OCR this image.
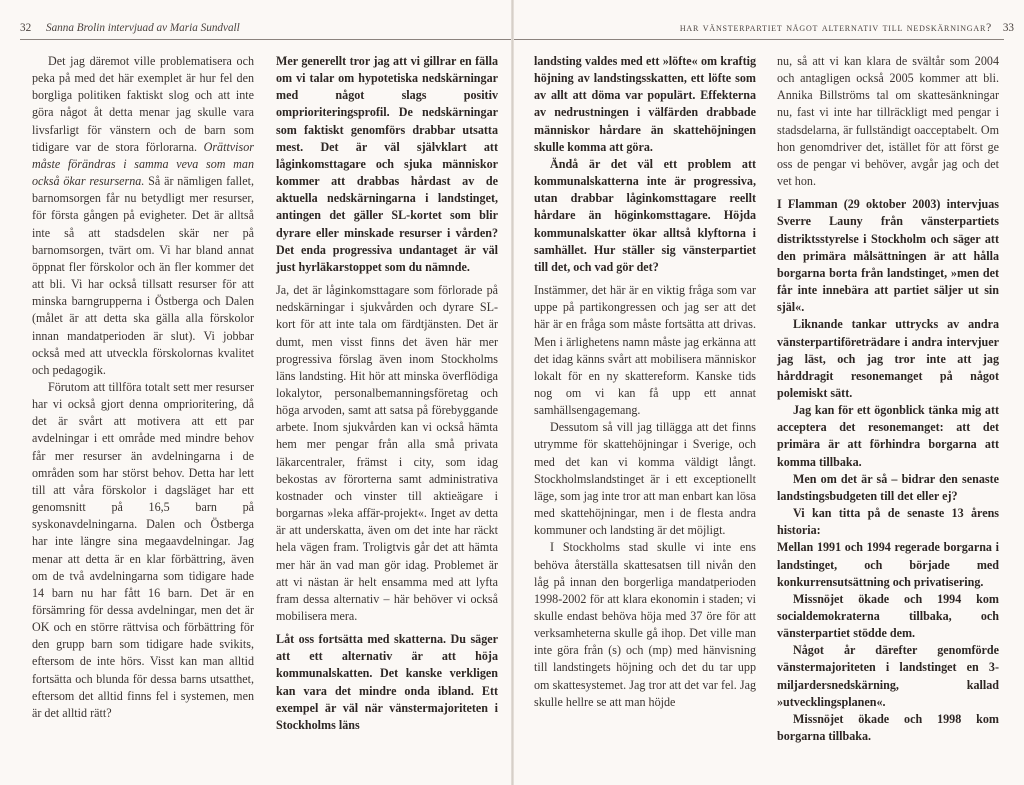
32 Sanna Brolin intervjuad av Maria Sundvall

Det jag däremot ville problematisera och peka på med det här exemplet är hur fel den borgliga politiken faktiskt slog och att inte göra något åt detta menar jag skulle vara livsfarligt för vänstern och de barn som tidigare var de stora förlorarna. Orättvisor måste förändras i samma veva som man också ökar resurserna. Så är nämligen fallet, barnomsorgen får nu betydligt mer resurser, för första gången på evigheter. Det är alltså inte så att stadsdelen skär ner på barnomsorgen, tvärt om. Vi har bland annat öppnat fler förskolor och än fler kommer det att bli. Vi har också tillsatt resurser för att minska barngrupperna i Östberga och Dalen (målet är att detta ska gälla alla förskolor innan mandatperioden är slut). Vi jobbar också med att utveckla förskolornas kvalitet och pedagogik.

Förutom att tillföra totalt sett mer resurser har vi också gjort denna omprioritering, då det är svårt att motivera att ett par avdelningar i ett område med mindre behov får mer resurser än avdelningarna i de områden som har störst behov. Detta har lett till att våra förskolor i dagsläget har ett genomsnitt på 16,5 barn på syskonavdelningarna. Dalen och Östberga har inte längre sina megaavdelningar. Jag menar att detta är en klar förbättring, även om de två avdelningarna som tidigare hade 14 barn nu har fått 16 barn. Det är en försämring för dessa avdelningar, men det är OK och en större rättvisa och förbättring för den grupp barn som tidigare hade svikits, eftersom de inte hörs. Visst kan man alltid fortsätta och blunda för dessa barns utsatthet, eftersom det alltid finns fel i systemen, men är det alltid rätt?

Mer generellt tror jag att vi gillrar en fälla om vi talar om hypotetiska nedskärningar med något slags positiv omprioriteringsprofil. De nedskärningar som faktiskt genomförs drabbar utsatta mest. Det är väl självklart att låginkomsttagare och sjuka människor kommer att drabbas hårdast av de aktuella nedskärningarna i landstinget, antingen det gäller SL-kortet som blir dyrare eller minskade resurser i vården? Det enda progressiva undantaget är väl just hyrläkarstoppet som du nämnde.

Ja, det är låginkomsttagare som förlorade på nedskärningar i sjukvården och dyrare SL-kort för att inte tala om färdtjänsten. Det är dumt, men visst finns det även här mer progressiva förslag även inom Stockholms läns landsting. Hit hör att minska överflödiga lokalytor, personalbemanningsföretag och höga arvoden, samt att satsa på förebyggande arbete. Inom sjukvården kan vi också hämta hem mer pengar från alla små privata läkarcentraler, främst i city, som idag bekostas av förorterna samt administrativa kostnader och vinster till aktieägare i borgarnas »leka affär-projekt«. Inget av detta är att underskatta, även om det inte har räckt hela vägen fram. Troligtvis går det att hämta mer här än vad man gör idag. Problemet är att vi nästan är helt ensamma med att lyfta fram dessa alternativ – här behöver vi också mobilisera mera.

Låt oss fortsätta med skatterna. Du säger att ett alternativ är att höja kommunalskatten. Det kanske verkligen kan vara det mindre onda ibland. Ett exempel är väl när vänstermajoriteten i Stockholms läns

har vänsterpartiet något alternativ till nedskärningar? 33

landsting valdes med ett »löfte« om kraftig höjning av landstingsskatten, ett löfte som av allt att döma var populärt. Effekterna av nedrustningen i välfärden drabbade människor hårdare än skattehöjningen skulle komma att göra.

Ändå är det väl ett problem att kommunalskatterna inte är progressiva, utan drabbar låginkomsttagare reellt hårdare än höginkomsttagare. Höjda kommunalskatter ökar alltså klyftorna i samhället. Hur ställer sig vänsterpartiet till det, och vad gör det?

Instämmer, det här är en viktig fråga som var uppe på partikongressen och jag ser att det här är en fråga som måste fortsätta att drivas. Men i ärlighetens namn måste jag erkänna att det idag känns svårt att mobilisera människor lokalt för en ny skattereform. Kanske tids nog om vi kan få upp ett annat samhällsengagemang.

Dessutom så vill jag tillägga att det finns utrymme för skattehöjningar i Sverige, och med det kan vi komma väldigt långt. Stockholmslandstinget är i ett exceptionellt läge, som jag inte tror att man enbart kan lösa med skattehöjningar, men i de flesta andra kommuner och landsting är det möjligt.

I Stockholms stad skulle vi inte ens behöva återställa skattesatsen till nivån den låg på innan den borgerliga mandatperioden 1998-2002 för att klara ekonomin i staden; vi skulle endast behöva höja med 37 öre för att verksamheterna skulle gå ihop. Det ville man inte göra från (s) och (mp) med hänvisning till landstingets höjning och det du tar upp om skattesystemet. Jag tror att det var fel. Jag skulle hellre se att man höjde

nu, så att vi kan klara de svältår som 2004 och antagligen också 2005 kommer att bli. Annika Billströms tal om skattesänkningar nu, fast vi inte har tillräckligt med pengar i stadsdelarna, är fullständigt oacceptabelt. Om hon genomdriver det, istället för att först ge oss de pengar vi behöver, avgår jag och det vet hon.

I Flamman (29 oktober 2003) intervjuas Sverre Launy från vänsterpartiets distriktsstyrelse i Stockholm och säger att den primära målsättningen är att hålla borgarna borta från landstinget, »men det får inte innebära att partiet säljer ut sin själ«.

Liknande tankar uttrycks av andra vänsterpartiföreträdare i andra intervjuer jag läst, och jag tror inte att jag hårddragit resonemanget på något polemiskt sätt.

Jag kan för ett ögonblick tänka mig att acceptera det resonemanget: att det primära är att förhindra borgarna att komma tillbaka.

Men om det är så – bidrar den senaste landstingsbudgeten till det eller ej?

Vi kan titta på de senaste 13 årens historia:

Mellan 1991 och 1994 regerade borgarna i landstinget, och började med konkurrensutsättning och privatisering.

Missnöjet ökade och 1994 kom socialdemokraterna tillbaka, och vänsterpartiet stödde dem.

Något år därefter genomförde vänstermajoriteten i landstinget en 3-miljardersnedskärning, kallad »utvecklingsplanen«.

Missnöjet ökade och 1998 kom borgarna tillbaka.
